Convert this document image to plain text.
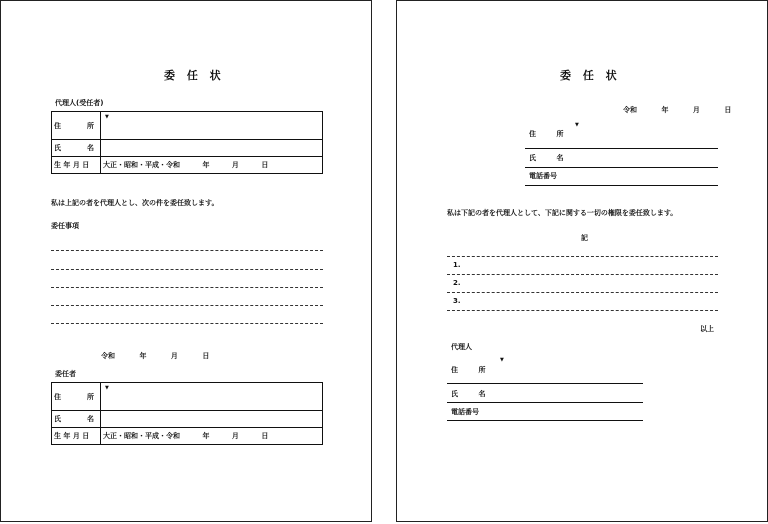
委 任 状
代理人(受任者)
住 所	▼

氏 名	

生 年 月 日	大正・昭和・平成・令和 年 月 日
私は上記の者を代理人とし、次の件を委任致します。
委任事項
令和	年	月	日
委任者
住 所	▼

氏 名	

生 年 月 日	大正・昭和・平成・令和 年 月 日
委 任 状
令和	年	月	日
住	所
▼
氏	名
電話番号
私は下記の者を代理人として、下記に関する一切の権限を委任致します。
記
1.
2.
3.
以上
代理人
住	所
▼
氏	名
電話番号
